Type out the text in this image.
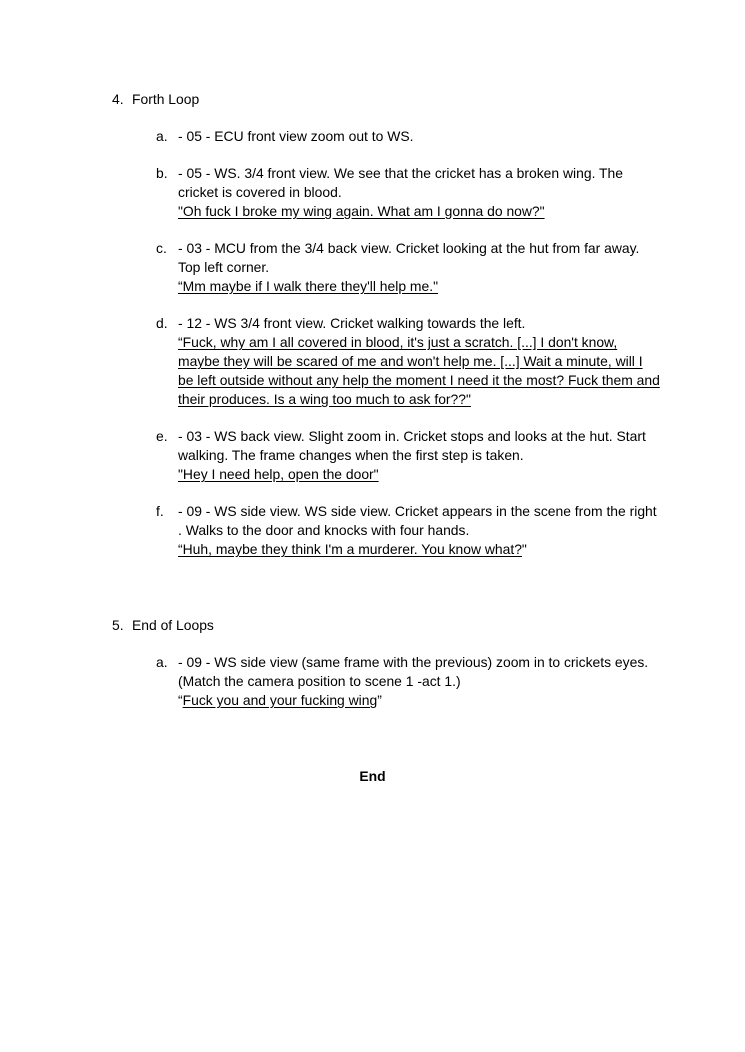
4. Forth Loop
a. - 05 - ECU front view zoom out to WS.
b. - 05 - WS. 3/4 front view. We see that the cricket has a broken wing. The cricket is covered in blood.
"Oh fuck I broke my wing again. What am I gonna do now?"
c. - 03 - MCU from the 3/4 back view. Cricket looking at the hut from far away. Top left corner.
“Mm maybe if I walk there they'll help me."
d. - 12 - WS 3/4 front view. Cricket walking towards the left.
“Fuck, why am I all covered in blood, it's just a scratch. [...] I don't know, maybe they will be scared of me and won't help me. [...] Wait a minute, will I be left outside without any help the moment I need it the most? Fuck them and their produces. Is a wing too much to ask for??"
e. - 03 - WS back view. Slight zoom in. Cricket stops and looks at the hut. Start walking. The frame changes when the first step is taken.
"Hey I need help, open the door"
f. - 09 - WS side view. WS side view. Cricket appears in the scene from the right . Walks to the door and knocks with four hands.
“Huh, maybe they think I'm a murderer. You know what?"
5. End of Loops
a. - 09 - WS side view (same frame with the previous) zoom in to crickets eyes. (Match the camera position to scene 1 -act 1.)
“Fuck you and your fucking wing”
End
